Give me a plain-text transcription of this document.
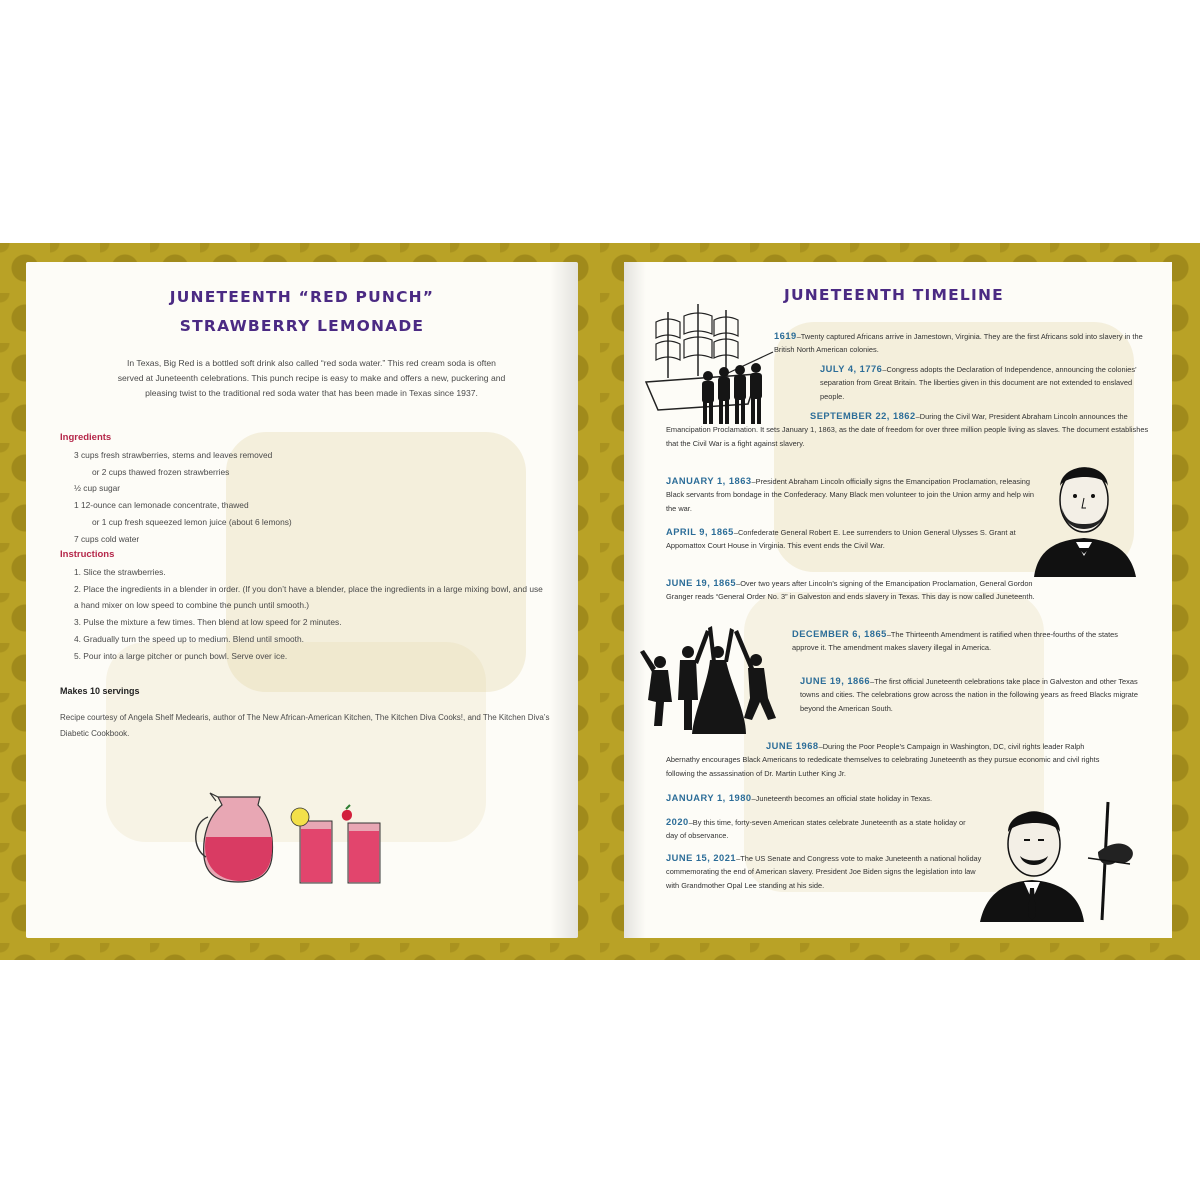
JUNETEENTH “RED PUNCH”
STRAWBERRY LEMONADE
In Texas, Big Red is a bottled soft drink also called “red soda water.” This red cream soda is often served at Juneteenth celebrations. This punch recipe is easy to make and offers a new, puckering and pleasing twist to the traditional red soda water that has been made in Texas since 1937.
Ingredients
3 cups fresh strawberries, stems and leaves removed
or 2 cups thawed frozen strawberries
½ cup sugar
1 12-ounce can lemonade concentrate, thawed
or 1 cup fresh squeezed lemon juice (about 6 lemons)
7 cups cold water
Instructions
1. Slice the strawberries.
2. Place the ingredients in a blender in order. (If you don’t have a blender, place the ingredients in a large mixing bowl, and use a hand mixer on low speed to combine the punch until smooth.)
3. Pulse the mixture a few times. Then blend at low speed for 2 minutes.
4. Gradually turn the speed up to medium. Blend until smooth.
5. Pour into a large pitcher or punch bowl. Serve over ice.
Makes 10 servings
Recipe courtesy of Angela Shelf Medearis, author of The New African-American Kitchen, The Kitchen Diva Cooks!, and The Kitchen Diva’s Diabetic Cookbook.
JUNETEENTH TIMELINE
1619–Twenty captured Africans arrive in Jamestown, Virginia. They are the first Africans sold into slavery in the British North American colonies.
JULY 4, 1776–Congress adopts the Declaration of Independence, announcing the colonies’ separation from Great Britain. The liberties given in this document are not extended to enslaved people.
SEPTEMBER 22, 1862–During the Civil War, President Abraham Lincoln announces the Emancipation Proclamation. It sets January 1, 1863, as the date of freedom for over three million people living as slaves. The document establishes that the Civil War is a fight against slavery.
JANUARY 1, 1863–President Abraham Lincoln officially signs the Emancipation Proclamation, releasing Black servants from bondage in the Confederacy. Many Black men volunteer to join the Union army and help win the war.
APRIL 9, 1865–Confederate General Robert E. Lee surrenders to Union General Ulysses S. Grant at Appomattox Court House in Virginia. This event ends the Civil War.
JUNE 19, 1865–Over two years after Lincoln’s signing of the Emancipation Proclamation, General Gordon Granger reads “General Order No. 3” in Galveston and ends slavery in Texas. This day is now called Juneteenth.
DECEMBER 6, 1865–The Thirteenth Amendment is ratified when three-fourths of the states approve it. The amendment makes slavery illegal in America.
JUNE 19, 1866–The first official Juneteenth celebrations take place in Galveston and other Texas towns and cities. The celebrations grow across the nation in the following years as freed Blacks migrate beyond the American South.
JUNE 1968–During the Poor People’s Campaign in Washington, DC, civil rights leader Ralph Abernathy encourages Black Americans to rededicate themselves to celebrating Juneteenth as they pursue economic and civil rights following the assassination of Dr. Martin Luther King Jr.
JANUARY 1, 1980–Juneteenth becomes an official state holiday in Texas.
2020–By this time, forty-seven American states celebrate Juneteenth as a state holiday or day of observance.
JUNE 15, 2021–The US Senate and Congress vote to make Juneteenth a national holiday commemorating the end of American slavery. President Joe Biden signs the legislation into law with Grandmother Opal Lee standing at his side.
